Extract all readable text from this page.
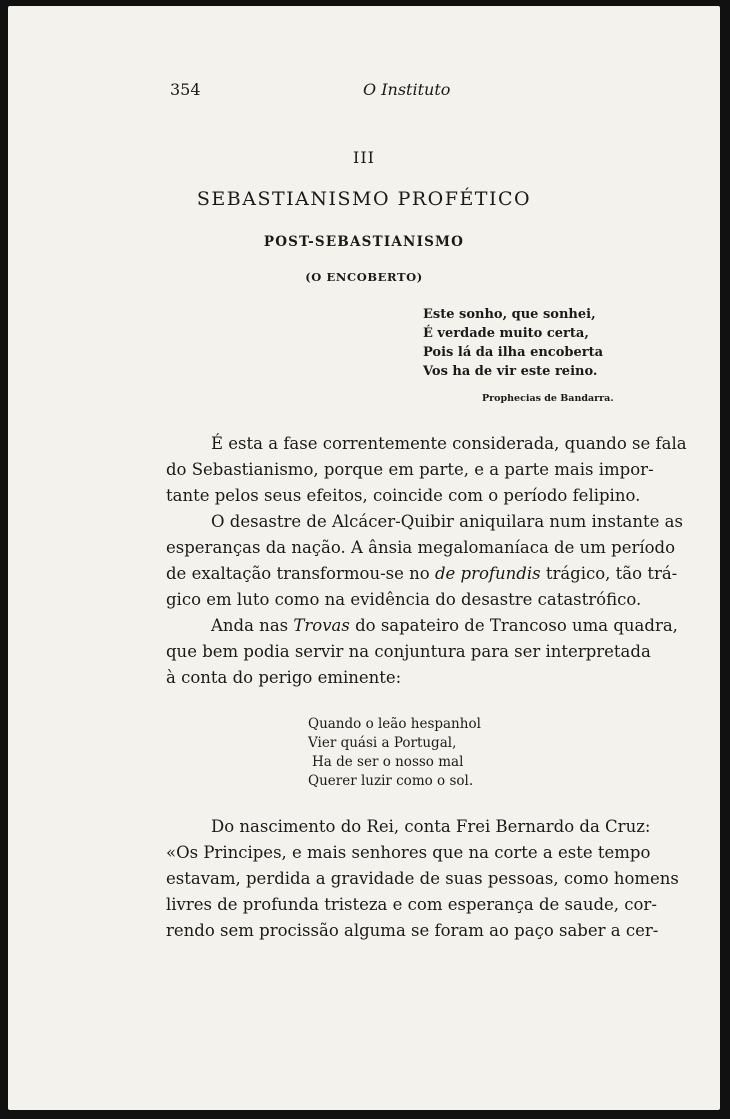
354	O Instituto
III
SEBASTIANISMO PROFÉTICO
POST-SEBASTIANISMO
(O ENCOBERTO)
Este sonho, que sonhei,
É verdade muito certa,
Pois lá da ilha encoberta
Vos ha de vir este reino.
Prophecias de Bandarra.
É esta a fase correntemente considerada, quando se fala
do Sebastianismo, porque em parte, e a parte mais impor-
tante pelos seus efeitos, coincide com o período felipino.
O desastre de Alcácer-Quibir aniquilara num instante as
esperanças da nação. A ânsia megalomaníaca de um período
de exaltação transformou-se no de profundis trágico, tão trá-
gico em luto como na evidência do desastre catastrófico.
Anda nas Trovas do sapateiro de Trancoso uma quadra,
que bem podia servir na conjuntura para ser interpretada
à conta do perigo eminente:
Quando o leão hespanhol
Vier quási a Portugal,
Ha de ser o nosso mal
Querer luzir como o sol.
Do nascimento do Rei, conta Frei Bernardo da Cruz:
«Os Principes, e mais senhores que na corte a este tempo
estavam, perdida a gravidade de suas pessoas, como homens
livres de profunda tristeza e com esperança de saude, cor-
rendo sem procissão alguma se foram ao paço saber a cer-
